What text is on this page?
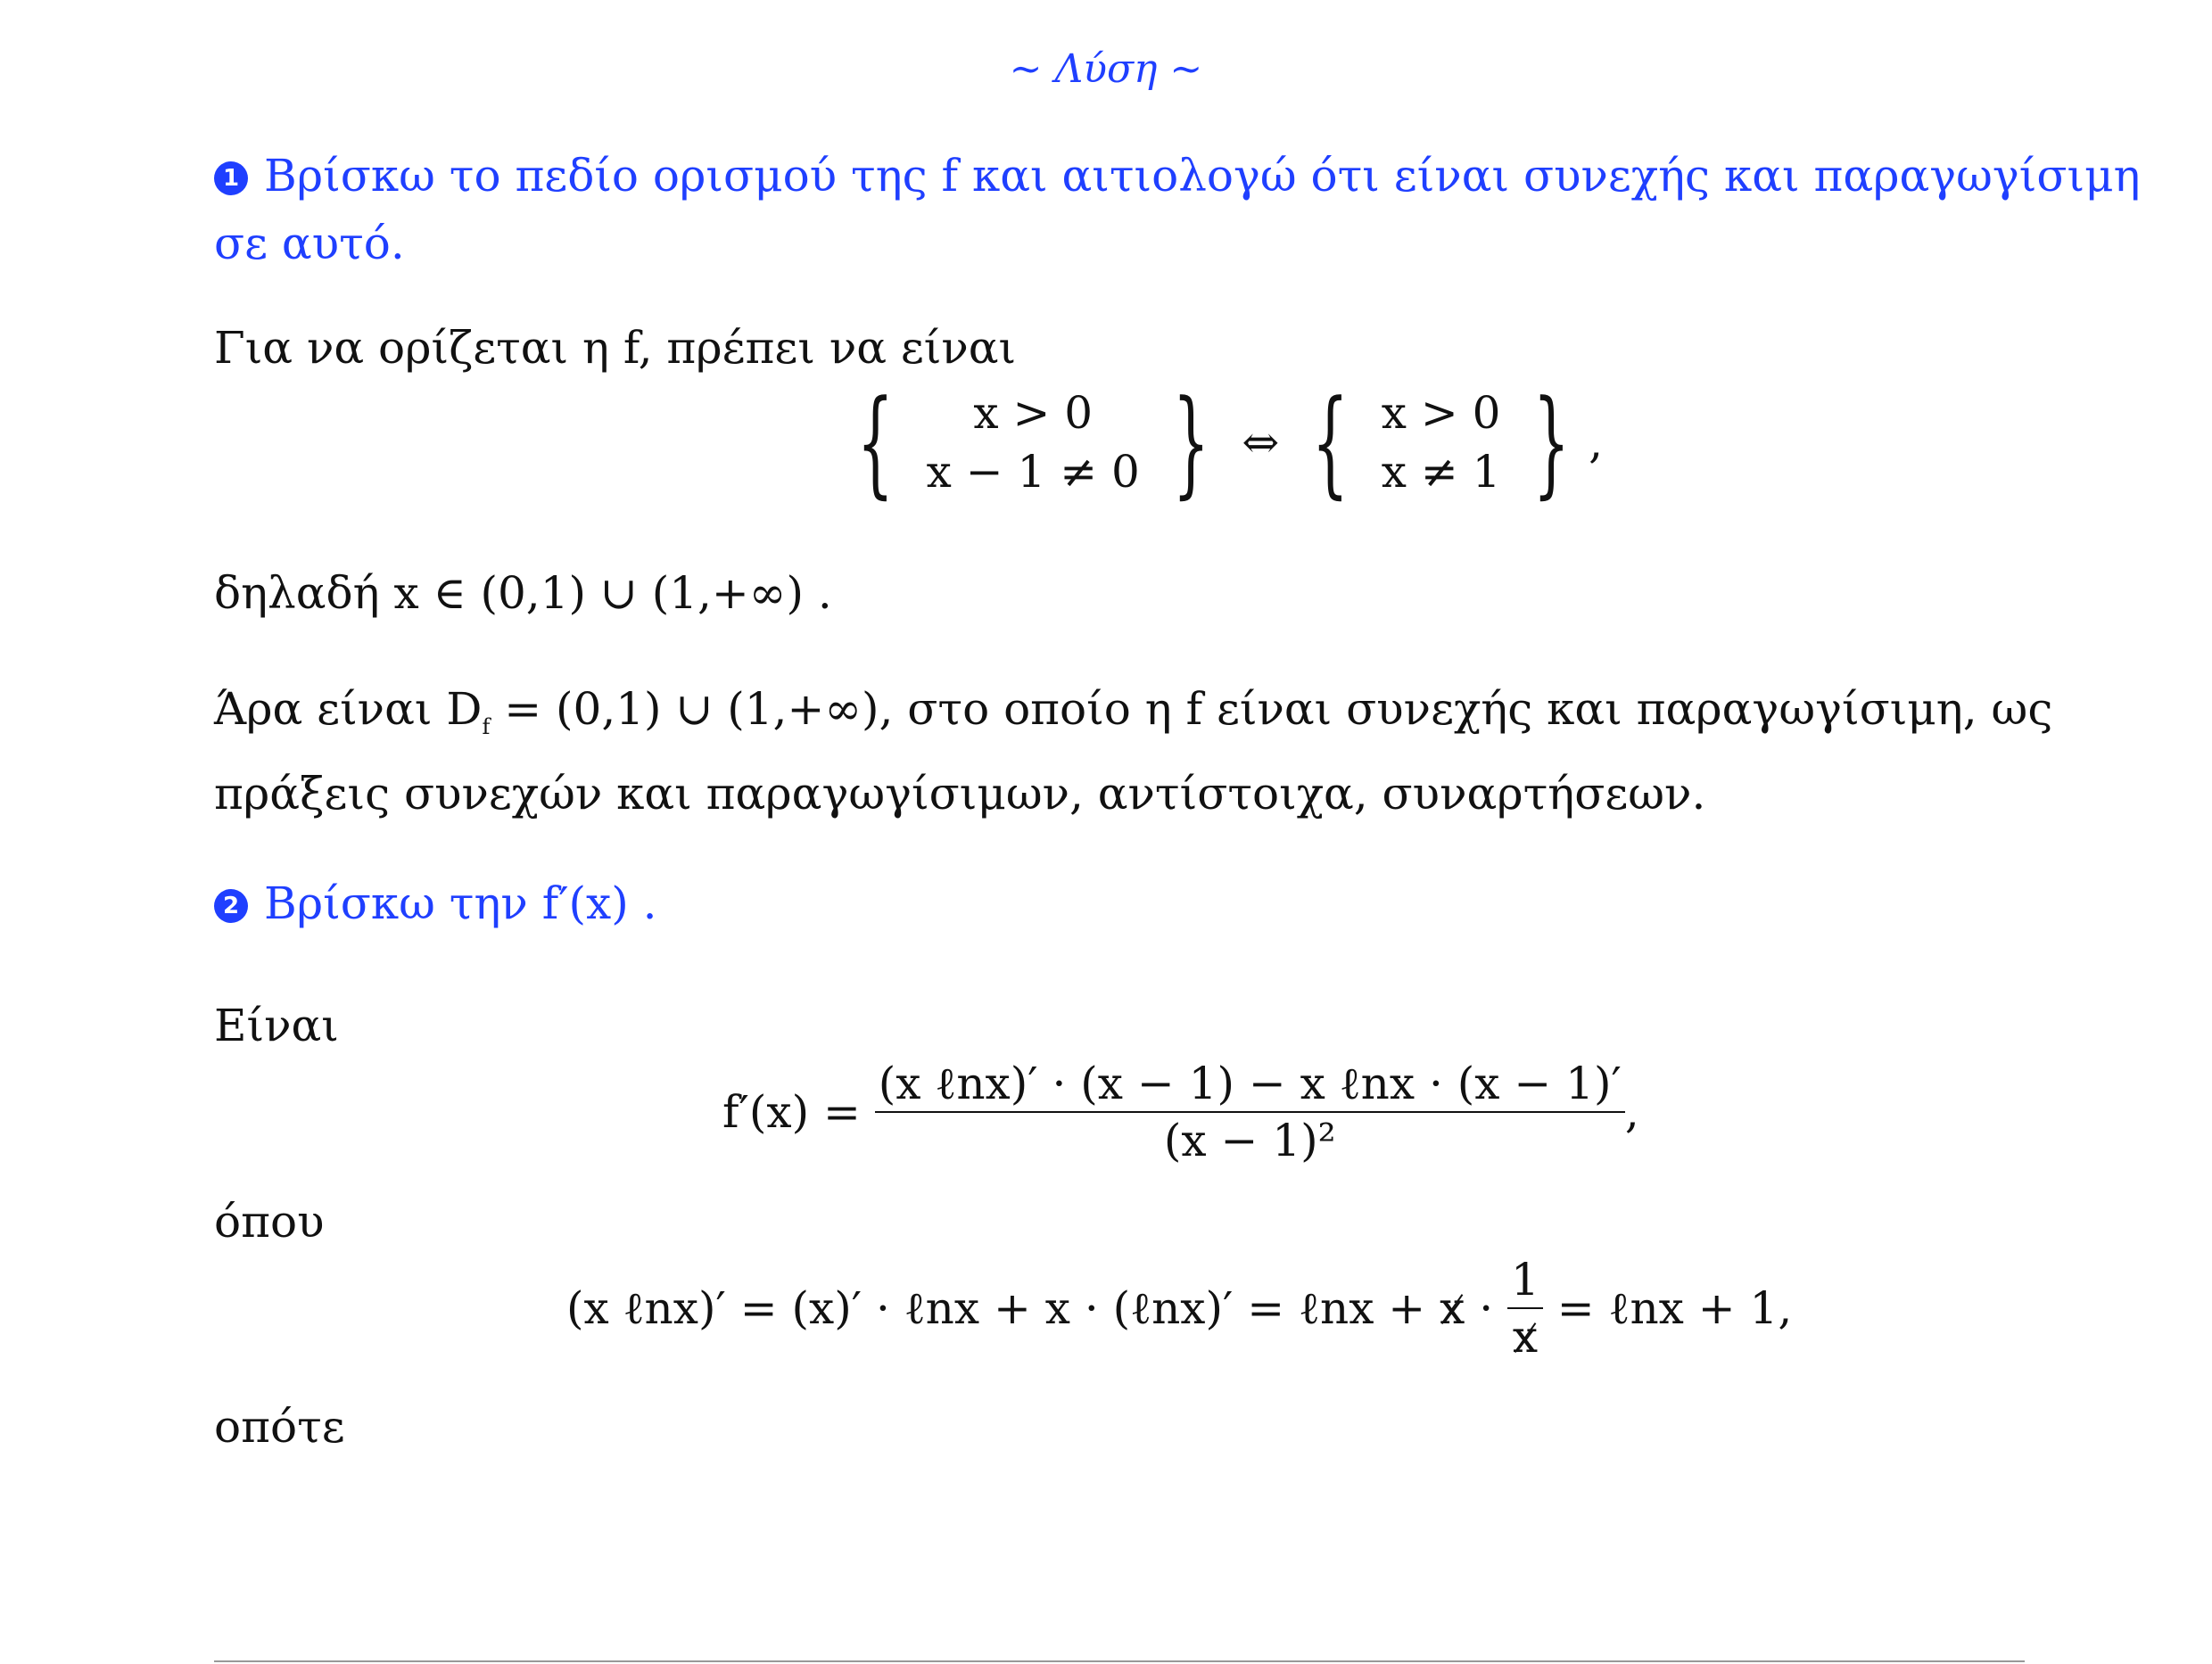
~ Λύση ~
1 Βρίσκω το πεδίο ορισμού της f και αιτιολογώ ότι είναι συνεχής και παραγωγίσιμη
σε αυτό.
Για να ορίζεται η f, πρέπει να είναι
{ x > 0
x − 1 ≠ 0 } ⇔ { x > 0
x ≠ 1 } ,
δηλαδή x ∈ (0,1) ∪ (1,+∞) .
Άρα είναι $D_f = (0,1)$ ∪ (1,+∞), στο οποίο η f είναι συνεχής και παραγωγίσιμη, ως
πράξεις συνεχών και παραγωγίσιμων, αντίστοιχα, συναρτήσεων.
2 Βρίσκω την f′(x) .
Είναι
$f'(x) = \frac{\text{(x ℓnx)′ · (x − 1) − x ℓnx · (x − 1)′}}{\text{(x − 1)²}}$ ,
όπου
(x ℓnx)′ = (x)′ · ℓnx + x · (ℓnx)′ = ℓnx + $x \cdot \frac{1}{x}$ = ℓnx + 1,
οπότε
